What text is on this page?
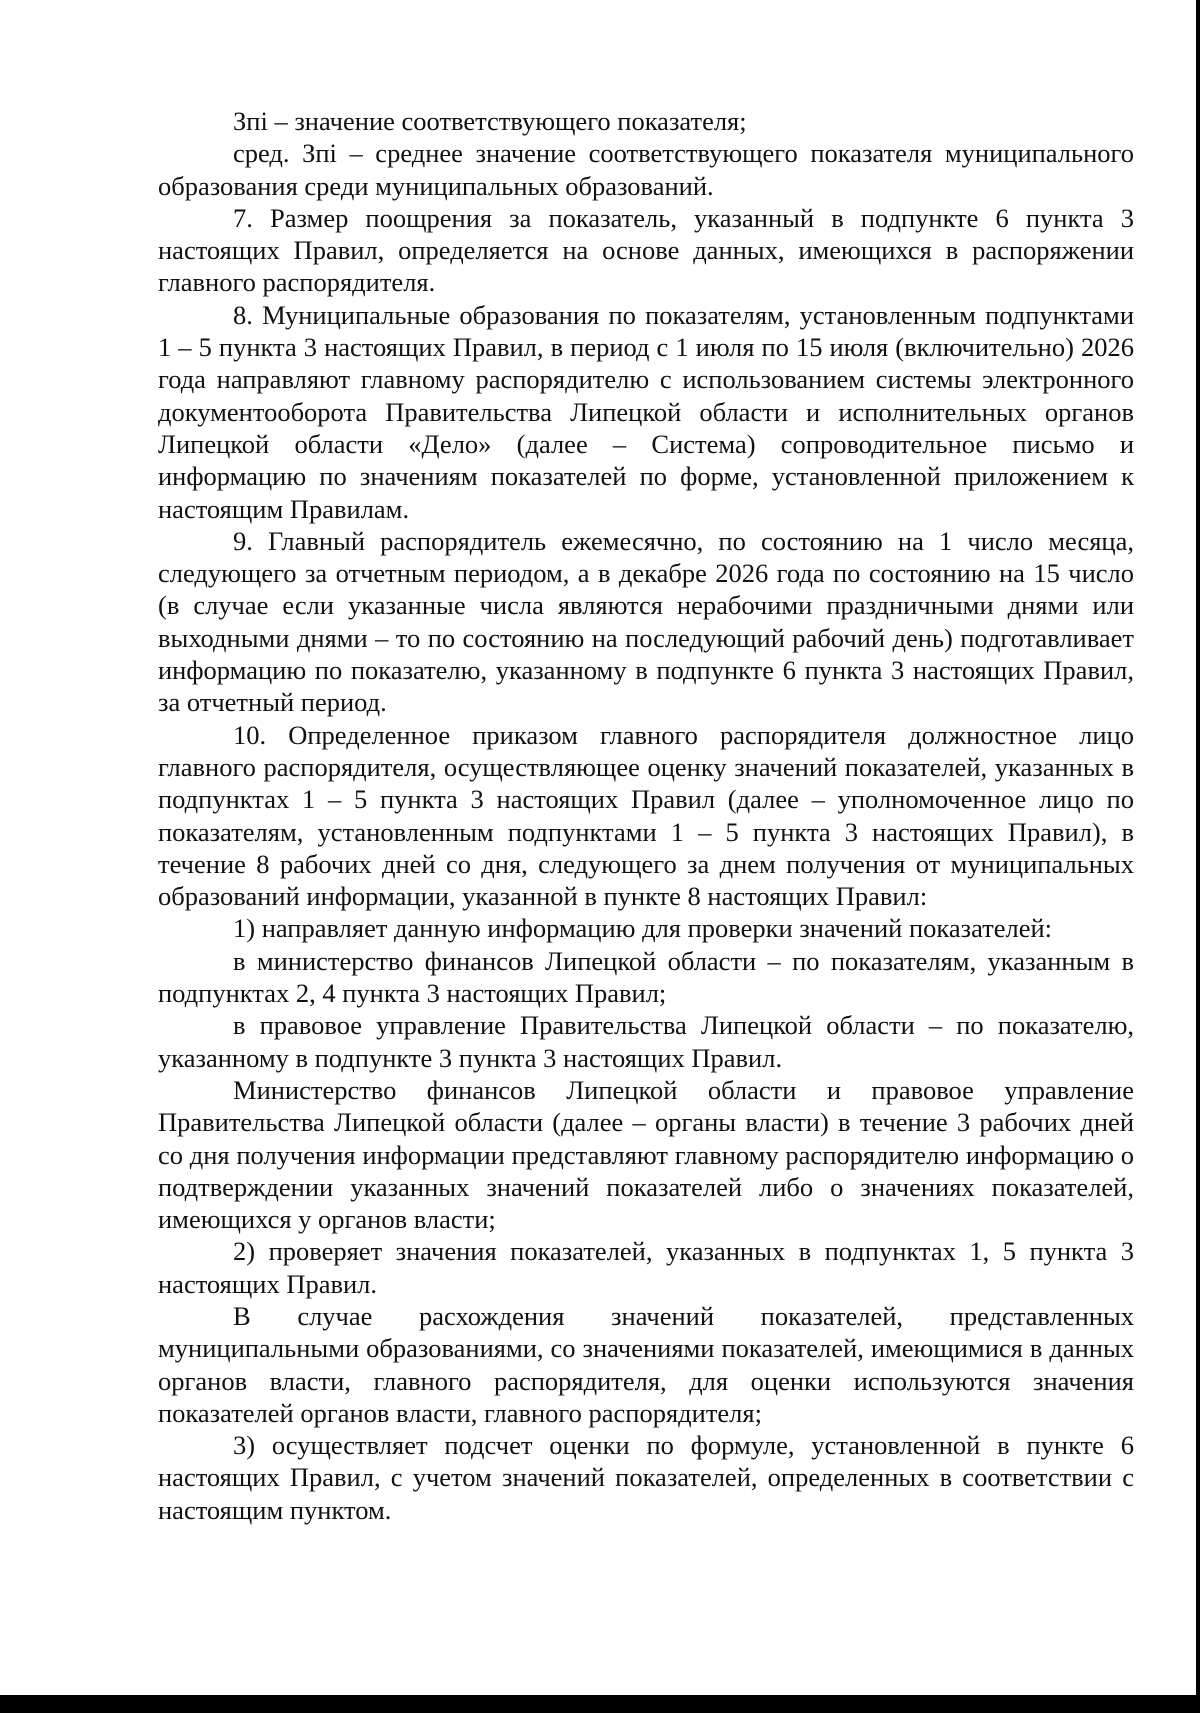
Зпi – значение соответствующего показателя;

сред. Зпi – среднее значение соответствующего показателя муниципального образования среди муниципальных образований.

7. Размер поощрения за показатель, указанный в подпункте 6 пункта 3 настоящих Правил, определяется на основе данных, имеющихся в распоряжении главного распорядителя.

8. Муниципальные образования по показателям, установленным подпунктами 1 – 5 пункта 3 настоящих Правил, в период с 1 июля по 15 июля (включительно) 2026 года направляют главному распорядителю с использованием системы электронного документооборота Правительства Липецкой области и исполнительных органов Липецкой области «Дело» (далее – Система) сопроводительное письмо и информацию по значениям показателей по форме, установленной приложением к настоящим Правилам.

9. Главный распорядитель ежемесячно, по состоянию на 1 число месяца, следующего за отчетным периодом, а в декабре 2026 года по состоянию на 15 число (в случае если указанные числа являются нерабочими праздничными днями или выходными днями – то по состоянию на последующий рабочий день) подготавливает информацию по показателю, указанному в подпункте 6 пункта 3 настоящих Правил, за отчетный период.

10. Определенное приказом главного распорядителя должностное лицо главного распорядителя, осуществляющее оценку значений показателей, указанных в подпунктах 1 – 5 пункта 3 настоящих Правил (далее – уполномоченное лицо по показателям, установленным подпунктами 1 – 5 пункта 3 настоящих Правил), в течение 8 рабочих дней со дня, следующего за днем получения от муниципальных образований информации, указанной в пункте 8 настоящих Правил:

1) направляет данную информацию для проверки значений показателей:

в министерство финансов Липецкой области – по показателям, указанным в подпунктах 2, 4 пункта 3 настоящих Правил;

в правовое управление Правительства Липецкой области – по показателю, указанному в подпункте 3 пункта 3 настоящих Правил.

Министерство финансов Липецкой области и правовое управление Правительства Липецкой области (далее – органы власти) в течение 3 рабочих дней со дня получения информации представляют главному распорядителю информацию о подтверждении указанных значений показателей либо о значениях показателей, имеющихся у органов власти;

2) проверяет значения показателей, указанных в подпунктах 1, 5 пункта 3 настоящих Правил.

В случае расхождения значений показателей, представленных муниципальными образованиями, со значениями показателей, имеющимися в данных органов власти, главного распорядителя, для оценки используются значения показателей органов власти, главного распорядителя;

3) осуществляет подсчет оценки по формуле, установленной в пункте 6 настоящих Правил, с учетом значений показателей, определенных в соответствии с настоящим пунктом.
